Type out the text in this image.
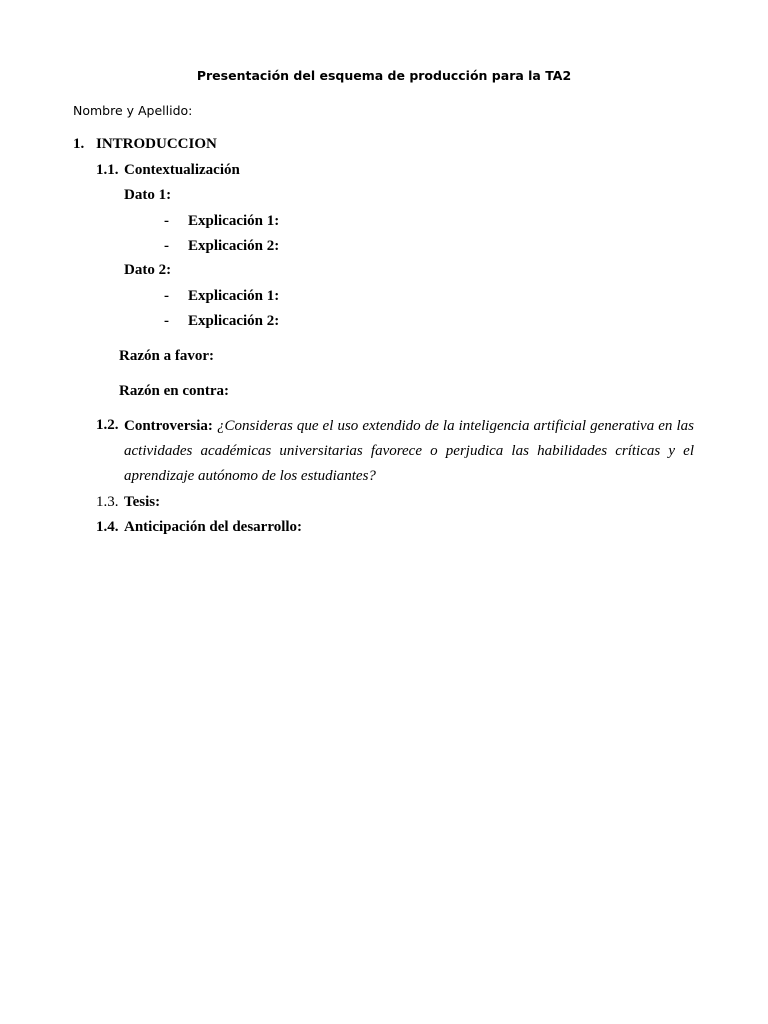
Presentación del esquema de producción para la TA2
Nombre y Apellido:
1. INTRODUCCION
1.1. Contextualización
Dato 1:
- Explicación 1:
- Explicación 2:
Dato 2:
- Explicación 1:
- Explicación 2:
Razón a favor:
Razón en contra:
1.2. Controversia: ¿Consideras que el uso extendido de la inteligencia artificial generativa en las actividades académicas universitarias favorece o perjudica las habilidades críticas y el aprendizaje autónomo de los estudiantes?
1.3. Tesis:
1.4. Anticipación del desarrollo:
